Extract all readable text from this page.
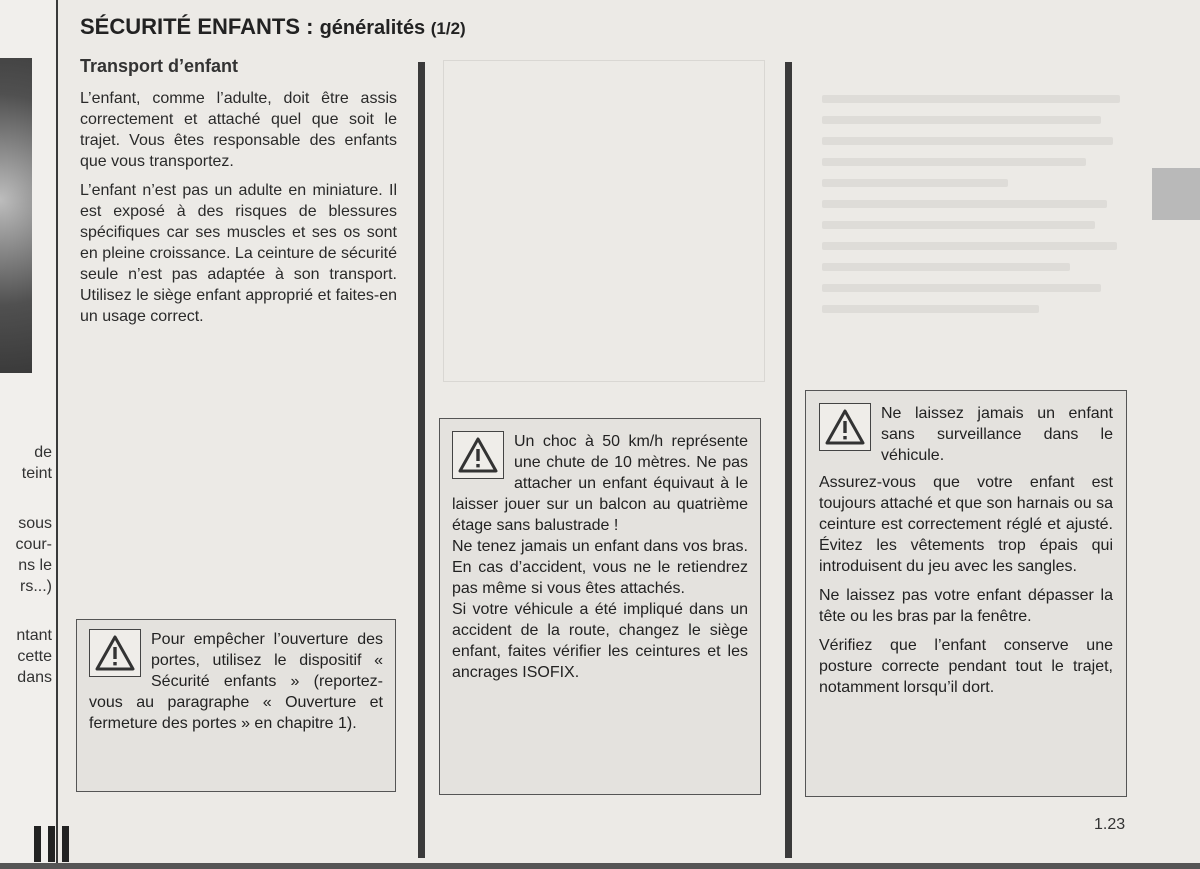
de
teint
sous
cour-
ns le
rs...)
ntant
cette
dans
SÉCURITÉ ENFANTS : généralités (1/2)
Transport d’enfant
L’enfant, comme l’adulte, doit être assis correctement et attaché quel que soit le trajet. Vous êtes responsable des enfants que vous transportez.
L’enfant n’est pas un adulte en miniature. Il est exposé à des risques de blessures spécifiques car ses muscles et ses os sont en pleine croissance. La ceinture de sécurité seule n’est pas adaptée à son transport. Utilisez le siège enfant approprié et faites-en un usage correct.

Pour empêcher l’ouverture des portes, utilisez le dispositif « Sécurité enfants » (reportez-vous au paragraphe « Ouverture et fermeture des portes » en chapitre 1).

Un choc à 50 km/h représente une chute de 10 mètres. Ne pas attacher un enfant équivaut à le laisser jouer sur un balcon au quatrième étage sans balustrade !

Ne tenez jamais un enfant dans vos bras. En cas d’accident, vous ne le retiendrez pas même si vous êtes attachés.

Si votre véhicule a été impliqué dans un accident de la route, changez le siège enfant, faites vérifier les ceintures et les ancrages ISOFIX.

Ne laissez jamais un enfant sans surveillance dans le véhicule.

Assurez-vous que votre enfant est toujours attaché et que son harnais ou sa ceinture est correctement réglé et ajusté. Évitez les vêtements trop épais qui introduisent du jeu avec les sangles.

Ne laissez pas votre enfant dépasser la tête ou les bras par la fenêtre.

Vérifiez que l’enfant conserve une posture correcte pendant tout le trajet, notamment lorsqu’il dort.

1.23
